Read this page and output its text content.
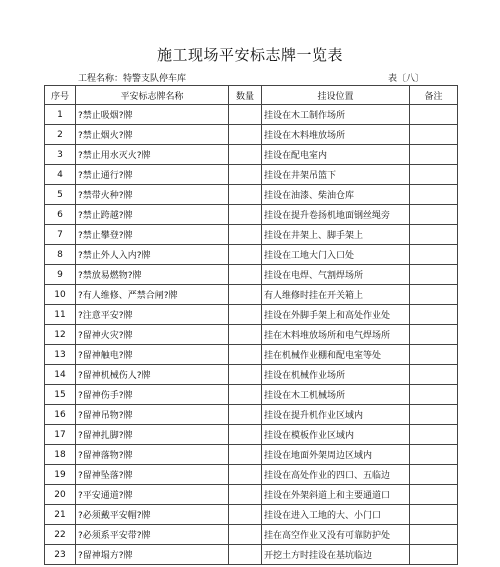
施工现场平安标志牌一览表
工程名称：特警支队停车库	表〔八〕
序号	平安标志牌名称	数量	挂设位置	备注
1	?禁止吸烟?牌		挂设在木工制作场所	
2	?禁止烟火?牌		挂设在木料堆放场所	
3	?禁止用水灭火?牌		挂设在配电室内	
4	?禁止通行?牌		挂设在井架吊篮下	
5	?禁带火种?牌		挂设在油漆、柴油仓库	
6	?禁止跨越?牌		挂设在提升卷扬机地面钢丝绳旁	
7	?禁止攀登?牌		挂设在井架上、脚手架上	
8	?禁止外人入内?牌		挂设在工地大门入口处	
9	?禁放易燃物?牌		挂设在电焊、气割焊场所	
10	?有人维修、严禁合闸?牌		有人维修时挂在开关箱上	
11	?注意平安?牌		挂设在外脚手架上和高处作业处	
12	?留神火灾?牌		挂在木料堆放场所和电气焊场所	
13	?留神触电?牌		挂在机械作业棚和配电室等处	
14	?留神机械伤人?牌		挂设在机械作业场所	
15	?留神伤手?牌		挂设在木工机械场所	
16	?留神吊物?牌		挂设在提升机作业区域内	
17	?留神扎脚?牌		挂设在模板作业区域内	
18	?留神落物?牌		挂设在地面外架周边区域内	
19	?留神坠落?牌		挂设在高处作业的四口、五临边	
20	?平安通道?牌		挂设在外架斜道上和主要通道口	
21	?必须戴平安帽?牌		挂设在进入工地的大、小门口	
22	?必须系平安带?牌		挂在高空作业又没有可靠防护处	
23	?留神塌方?牌		开挖土方时挂设在基坑临边	
